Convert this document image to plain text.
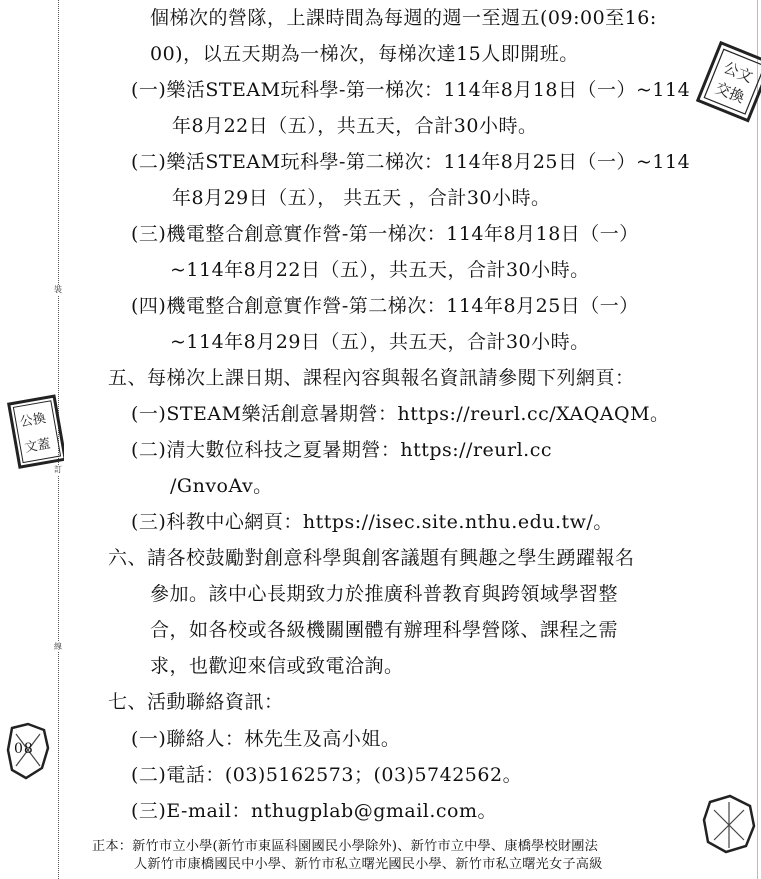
裝
訂
線
公文
交換
公換
文蓋
08
個梯次的營隊，上課時間為每週的週一至週五(09:00至16:
00)，以五天期為一梯次，每梯次達15人即開班。
(一)樂活STEAM玩科學-第一梯次：114年8月18日（一）~114
年8月22日（五），共五天，合計30小時。
(二)樂活STEAM玩科學-第二梯次：114年8月25日（一）~114
年8月29日（五）， 共五天 ，合計30小時。
(三)機電整合創意實作營-第一梯次：114年8月18日（一）
~114年8月22日（五），共五天，合計30小時。
(四)機電整合創意實作營-第二梯次：114年8月25日（一）
~114年8月29日（五），共五天，合計30小時。
五、每梯次上課日期、課程內容與報名資訊請參閱下列網頁：
(一)STEAM樂活創意暑期營：https://reurl.cc/XAQAQM。
(二)清大數位科技之夏暑期營：https://reurl.cc
/GnvoAv。
(三)科教中心網頁：https://isec.site.nthu.edu.tw/。
六、請各校鼓勵對創意科學與創客議題有興趣之學生踴躍報名
參加。該中心長期致力於推廣科普教育與跨領域學習整
合，如各校或各級機關團體有辦理科學營隊、課程之需
求，也歡迎來信或致電洽詢。
七、活動聯絡資訊：
(一)聯絡人：林先生及高小姐。
(二)電話：(03)5162573；(03)5742562。
(三)E-mail：nthugplab@gmail.com。
正本：新竹市立小學(新竹市東區科園國民小學除外)、新竹市立中學、康橋學校財團法
人新竹市康橋國民中小學、新竹市私立曙光國民小學、新竹市私立曙光女子高級
